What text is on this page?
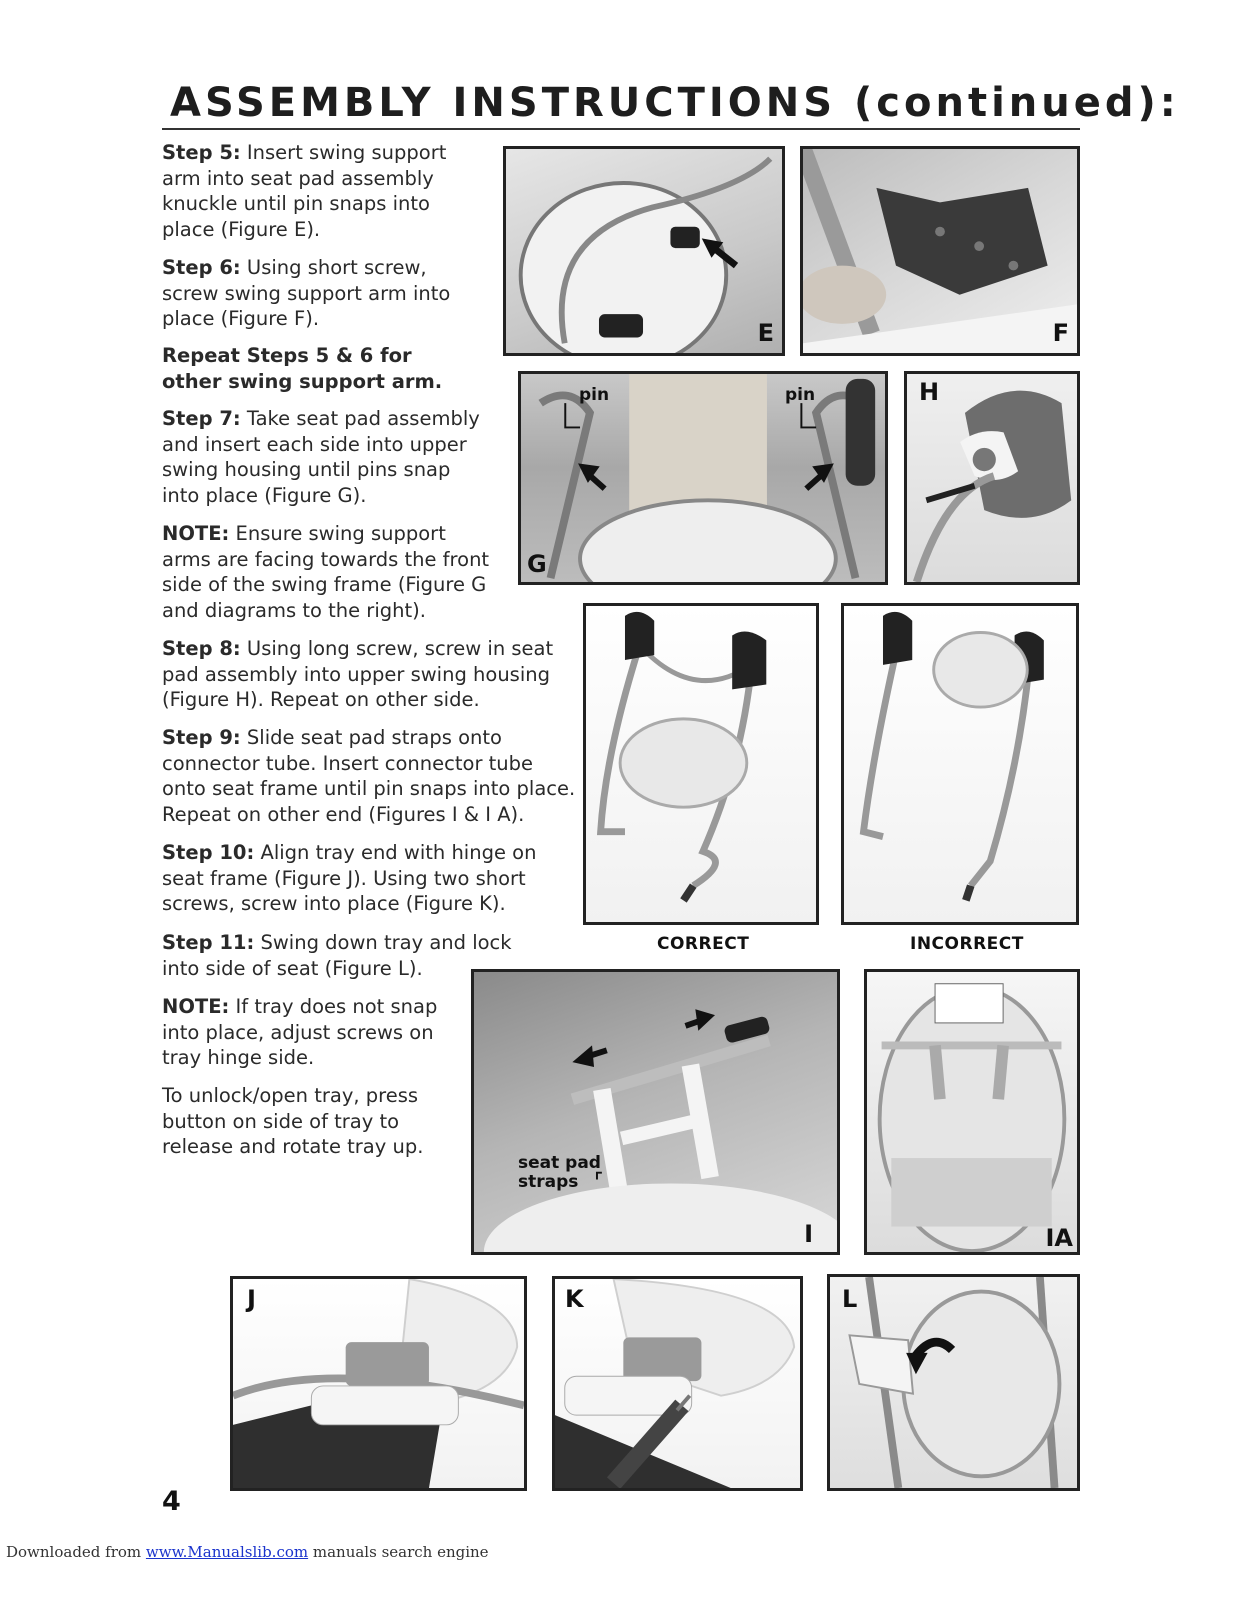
ASSEMBLY INSTRUCTIONS (continued):
Step 5: Insert swing support arm into seat pad assembly knuckle until pin snaps into place (Figure E).
Step 6: Using short screw, screw swing support arm into place (Figure F).
Repeat Steps 5 & 6 for other swing support arm.
Step 7: Take seat pad assembly and insert each side into upper swing housing until pins snap into place (Figure G).
NOTE: Ensure swing support arms are facing towards the front side of the swing frame (Figure G and diagrams to the right).
Step 8: Using long screw, screw in seat pad assembly into upper swing housing (Figure H). Repeat on other side.
Step 9: Slide seat pad straps onto connector tube. Insert connector tube onto seat frame until pin snaps into place. Repeat on other end (Figures I & I A).
Step 10: Align tray end with hinge on seat frame (Figure J). Using two short screws, screw into place (Figure K).
Step 11: Swing down tray and lock into side of seat (Figure L).
NOTE: If tray does not snap into place, adjust screws on tray hinge side.
To unlock/open tray, press button on side of tray to release and rotate tray up.
E	F
pin	pin
G
H
CORRECT	INCORRECT
seat pad
straps
I	IA
J	K	L
4
Downloaded from www.Manualslib.com manuals search engine
